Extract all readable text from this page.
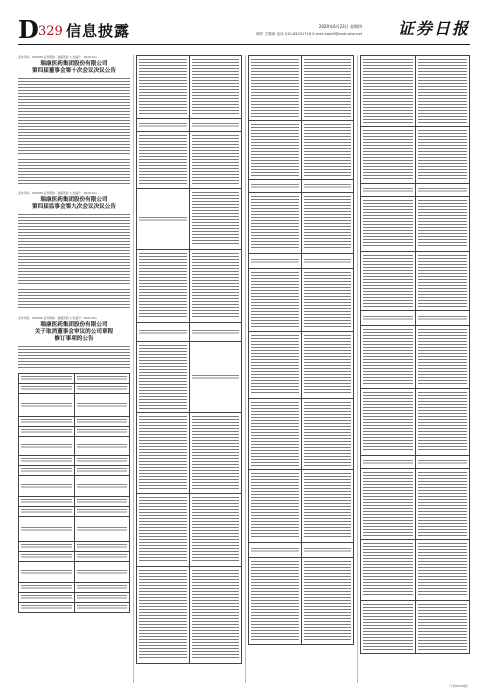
D 329 信息披露	2020年6月23日 星期四
制作 王敬涛 电话 010-83251716 E-mail zqrb9@zqrb.sina.net 证券日报
证券代码：002589 证券简称：瑞康医药 公告编号：2020-0xx
瑞康医药集团股份有限公司
第四届董事会第十次会议决议公告
证券代码：002589 证券简称：瑞康医药 公告编号：2020-0xx
瑞康医药集团股份有限公司
第四届监事会第九次会议决议公告
证券代码：002589 证券简称：瑞康医药 公告编号：2020-0xx
瑞康医药集团股份有限公司
关于取消董事会审议的公司章程
修订事项的公告

（下转D330版）
